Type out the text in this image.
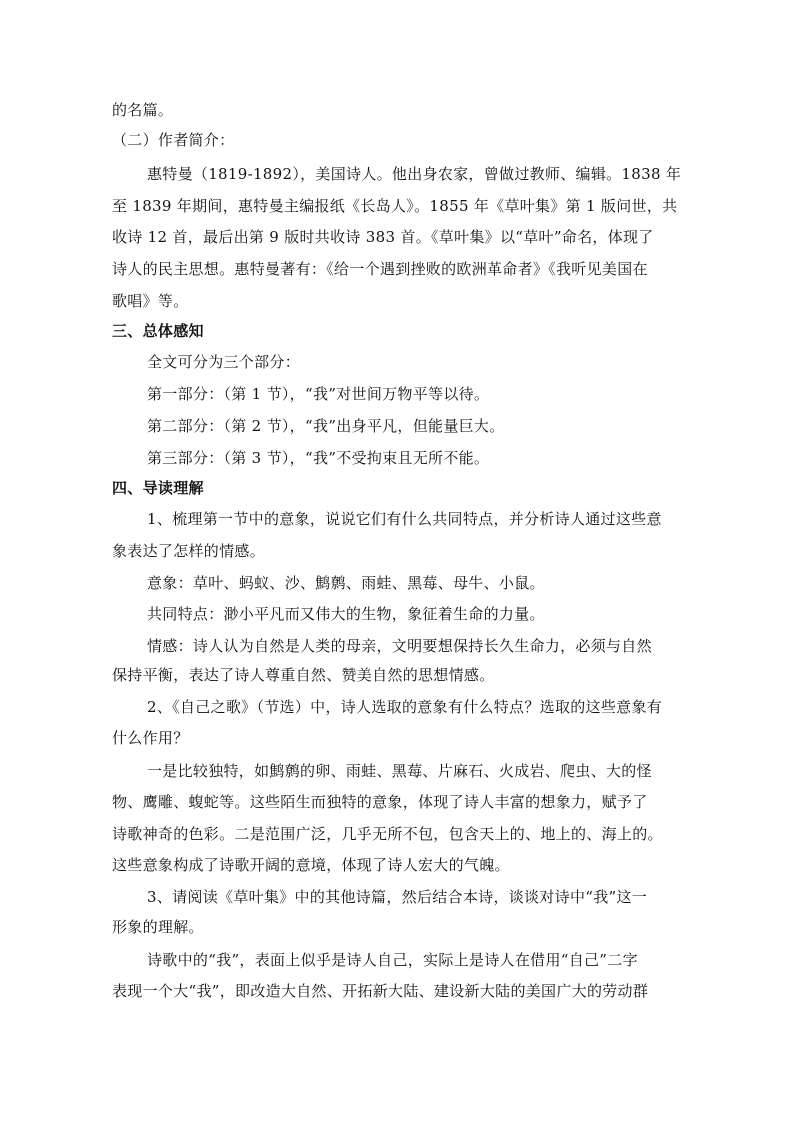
的名篇。
（二）作者简介：
惠特曼（1819-1892），美国诗人。他出身农家，曾做过教师、编辑。1838 年
至 1839 年期间，惠特曼主编报纸《长岛人》。1855 年《草叶集》第 1 版问世，共
收诗 12 首，最后出第 9 版时共收诗 383 首。《草叶集》以“草叶”命名，体现了
诗人的民主思想。惠特曼著有：《给一个遇到挫败的欧洲革命者》《我听见美国在
歌唱》等。
三、总体感知
全文可分为三个部分：
第一部分：（第 1 节），“我”对世间万物平等以待。
第二部分：（第 2 节），“我”出身平凡，但能量巨大。
第三部分：（第 3 节），“我”不受拘束且无所不能。
四、导读理解
1、梳理第一节中的意象，说说它们有什么共同特点，并分析诗人通过这些意
象表达了怎样的情感。
意象：草叶、蚂蚁、沙、鹪鹩、雨蛙、黑莓、母牛、小鼠。
共同特点：渺小平凡而又伟大的生物，象征着生命的力量。
情感：诗人认为自然是人类的母亲，文明要想保持长久生命力，必须与自然
保持平衡，表达了诗人尊重自然、赞美自然的思想情感。
2、《自己之歌》（节选）中，诗人选取的意象有什么特点？选取的这些意象有
什么作用？
一是比较独特，如鹪鹩的卵、雨蛙、黑莓、片麻石、火成岩、爬虫、大的怪
物、鹰雕、蝮蛇等。这些陌生而独特的意象，体现了诗人丰富的想象力，赋予了
诗歌神奇的色彩。二是范围广泛，几乎无所不包，包含天上的、地上的、海上的。
这些意象构成了诗歌开阔的意境，体现了诗人宏大的气魄。
3、请阅读《草叶集》中的其他诗篇，然后结合本诗，谈谈对诗中“我”这一
形象的理解。
诗歌中的“我”，表面上似乎是诗人自己，实际上是诗人在借用“自己”二字
表现一个大“我”，即改造大自然、开拓新大陆、建设新大陆的美国广大的劳动群
